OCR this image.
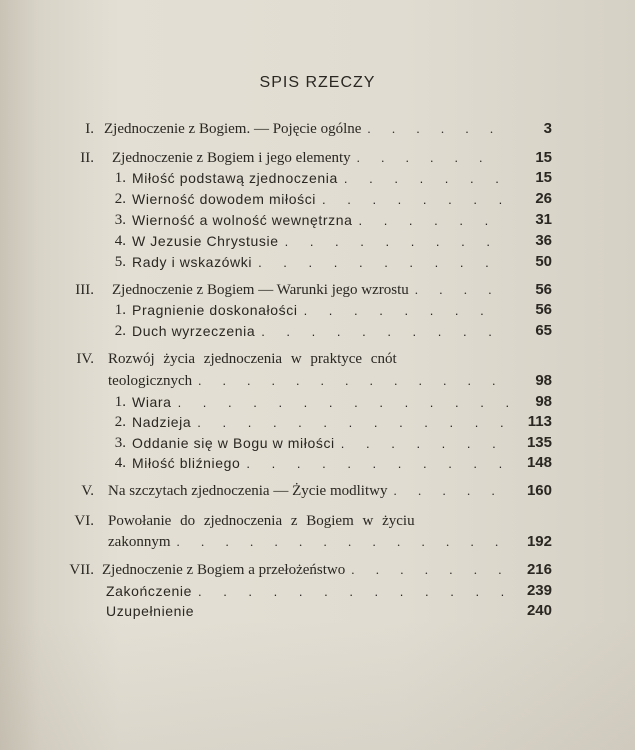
SPIS RZECZY
I. Zjednoczenie z Bogiem. — Pojęcie ogólne . . .	3
II. Zjednoczenie z Bogiem i jego elementy . . .	15
1. Miłość podstawą zjednoczenia . . .	15
2. Wierność dowodem miłości . . .	26
3. Wierność a wolność wewnętrzna . . .	31
4. W Jezusie Chrystusie . . .	36
5. Rady i wskazówki . . .	50
III. Zjednoczenie z Bogiem — Warunki jego wzrostu . . .	56
1. Pragnienie doskonałości . . .	56
2. Duch wyrzeczenia . . .	65
IV. Rozwój życia zjednoczenia w praktyce cnót
teologicznych . . .	98
1. Wiara . . .	98
2. Nadzieja . . .	113
3. Oddanie się w Bogu w miłości . . .	135
4. Miłość bliźniego . . .	148
V. Na szczytach zjednoczenia — Życie modlitwy . . .	160
VI. Powołanie do zjednoczenia z Bogiem w życiu
zakonnym . . .	192
VII. Zjednoczenie z Bogiem a przełożeństwo . . .	216
Zakończenie . . .	239
Uzupełnienie	240
